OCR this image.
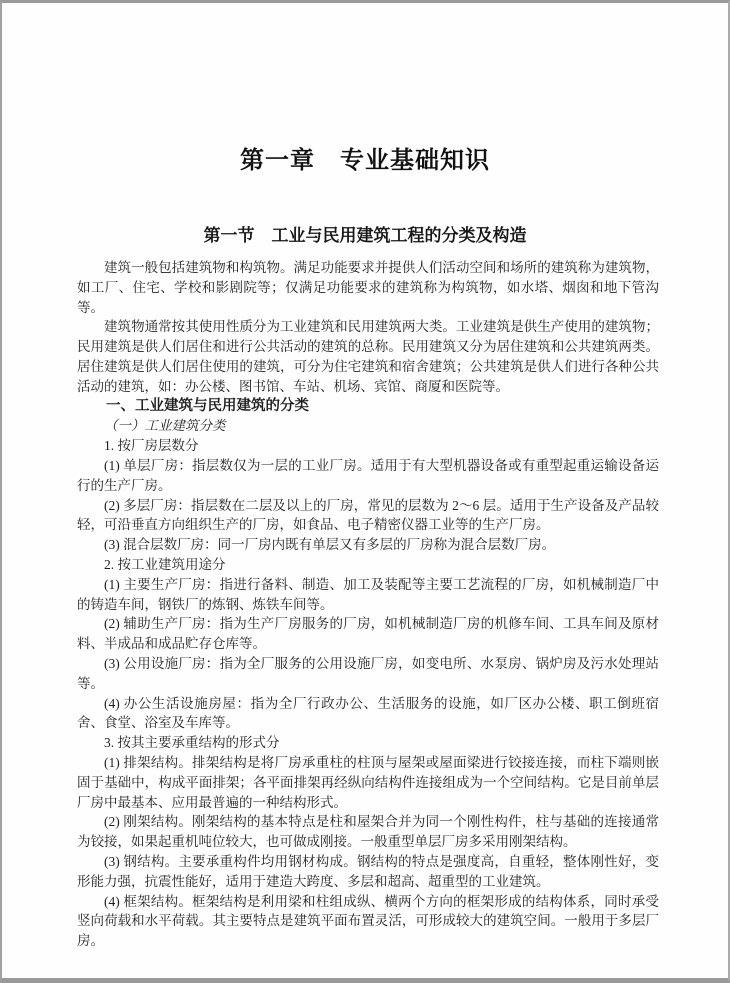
第一章　专业基础知识
第一节　工业与民用建筑工程的分类及构造

建筑一般包括建筑物和构筑物。满足功能要求并提供人们活动空间和场所的建筑称为建筑物，如工厂、住宅、学校和影剧院等；仅满足功能要求的建筑称为构筑物，如水塔、烟囱和地下管沟等。

建筑物通常按其使用性质分为工业建筑和民用建筑两大类。工业建筑是供生产使用的建筑物；民用建筑是供人们居住和进行公共活动的建筑的总称。民用建筑又分为居住建筑和公共建筑两类。居住建筑是供人们居住使用的建筑，可分为住宅建筑和宿舍建筑；公共建筑是供人们进行各种公共活动的建筑，如：办公楼、图书馆、车站、机场、宾馆、商厦和医院等。

一、工业建筑与民用建筑的分类

（一）工业建筑分类

1. 按厂房层数分

(1) 单层厂房：指层数仅为一层的工业厂房。适用于有大型机器设备或有重型起重运输设备运行的生产厂房。

(2) 多层厂房：指层数在二层及以上的厂房，常见的层数为 2～6 层。适用于生产设备及产品较轻，可沿垂直方向组织生产的厂房，如食品、电子精密仪器工业等的生产厂房。

(3) 混合层数厂房：同一厂房内既有单层又有多层的厂房称为混合层数厂房。

2. 按工业建筑用途分

(1) 主要生产厂房：指进行备料、制造、加工及装配等主要工艺流程的厂房，如机械制造厂中的铸造车间，钢铁厂的炼钢、炼铁车间等。

(2) 辅助生产厂房：指为生产厂房服务的厂房，如机械制造厂房的机修车间、工具车间及原材料、半成品和成品贮存仓库等。

(3) 公用设施厂房：指为全厂服务的公用设施厂房，如变电所、水泵房、锅炉房及污水处理站等。

(4) 办公生活设施房屋：指为全厂行政办公、生活服务的设施，如厂区办公楼、职工倒班宿舍、食堂、浴室及车库等。

3. 按其主要承重结构的形式分

(1) 排架结构。排架结构是将厂房承重柱的柱顶与屋架或屋面梁进行铰接连接，而柱下端则嵌固于基础中，构成平面排架；各平面排架再经纵向结构件连接组成为一个空间结构。它是目前单层厂房中最基本、应用最普遍的一种结构形式。

(2) 刚架结构。刚架结构的基本特点是柱和屋架合并为同一个刚性构件，柱与基础的连接通常为铰接，如果起重机吨位较大，也可做成刚接。一般重型单层厂房多采用刚架结构。

(3) 钢结构。主要承重构件均用钢材构成。钢结构的特点是强度高，自重轻，整体刚性好，变形能力强，抗震性能好，适用于建造大跨度、多层和超高、超重型的工业建筑。

(4) 框架结构。框架结构是利用梁和柱组成纵、横两个方向的框架形成的结构体系，同时承受竖向荷载和水平荷载。其主要特点是建筑平面布置灵活，可形成较大的建筑空间。一般用于多层厂房。
